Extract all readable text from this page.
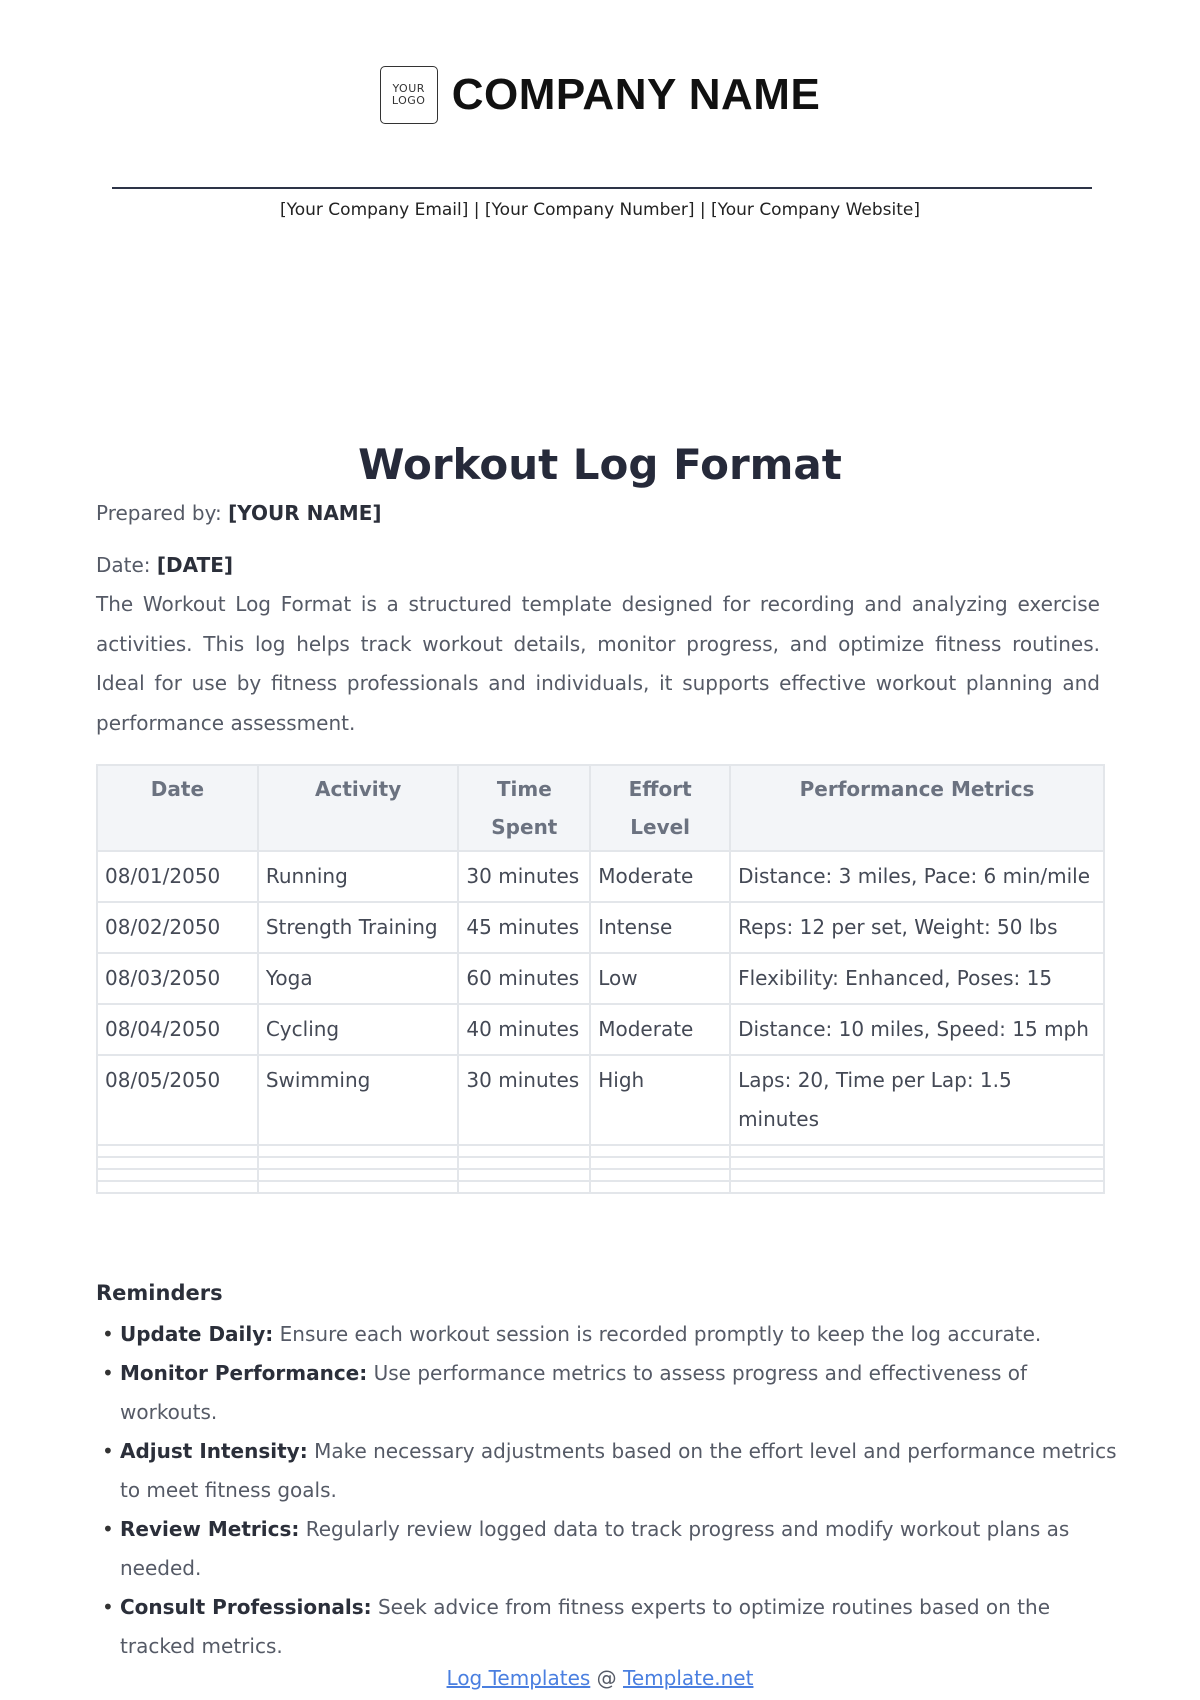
YOUR
LOGO COMPANY NAME
[Your Company Email] | [Your Company Number] | [Your Company Website]
Workout Log Format
Prepared by: [YOUR NAME]
Date: [DATE]
The Workout Log Format is a structured template designed for recording and analyzing exercise activities. This log helps track workout details, monitor progress, and optimize fitness routines. Ideal for use by fitness professionals and individuals, it supports effective workout planning and performance assessment.
Date	Activity	Time Spent	Effort Level	Performance Metrics
08/01/2050	Running	30 minutes	Moderate	Distance: 3 miles, Pace: 6 min/mile
08/02/2050	Strength Training	45 minutes	Intense	Reps: 12 per set, Weight: 50 lbs
08/03/2050	Yoga	60 minutes	Low	Flexibility: Enhanced, Poses: 15
08/04/2050	Cycling	40 minutes	Moderate	Distance: 10 miles, Speed: 15 mph
08/05/2050	Swimming	30 minutes	High	Laps: 20, Time per Lap: 1.5 minutes

Reminders
• Update Daily: Ensure each workout session is recorded promptly to keep the log accurate.
• Monitor Performance: Use performance metrics to assess progress and effectiveness of workouts.
• Adjust Intensity: Make necessary adjustments based on the effort level and performance metrics to meet fitness goals.
• Review Metrics: Regularly review logged data to track progress and modify workout plans as needed.
• Consult Professionals: Seek advice from fitness experts to optimize routines based on the tracked metrics.
Log Templates @ Template.net
